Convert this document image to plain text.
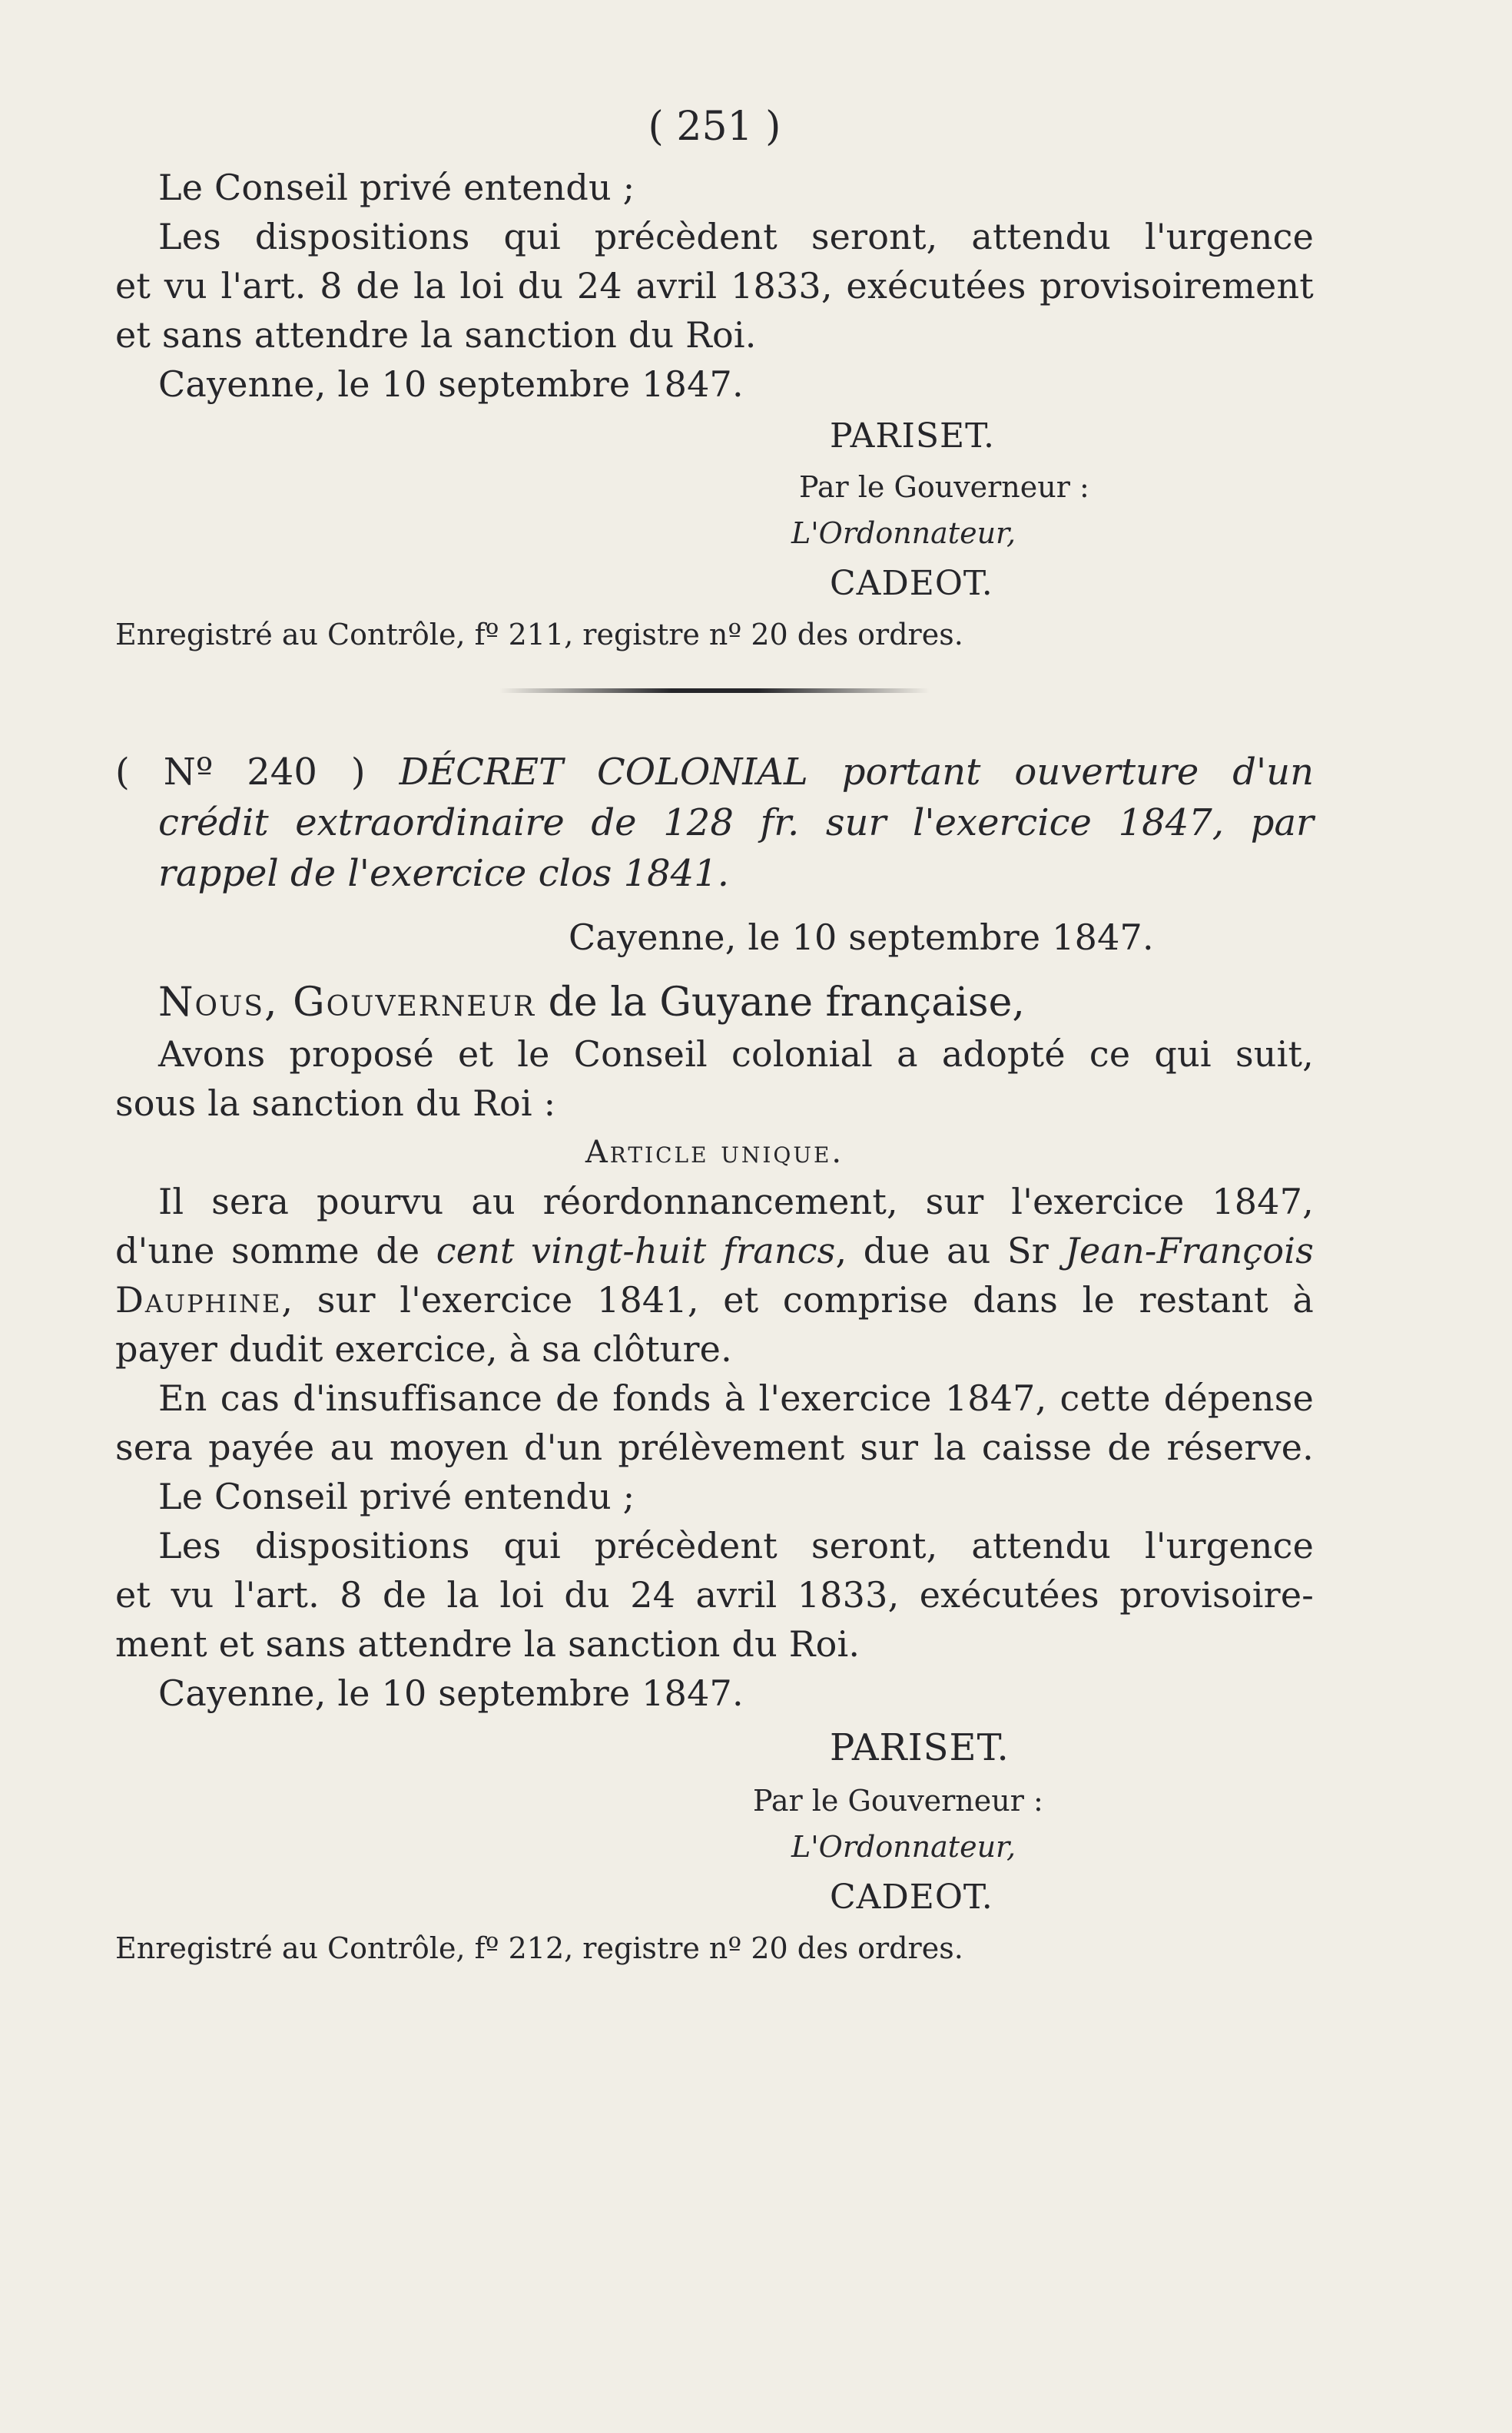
( 251 )
Le Conseil privé entendu ;
Les dispositions qui précèdent seront, attendu l'urgence
et vu l'art. 8 de la loi du 24 avril 1833, exécutées provisoirement
et sans attendre la sanction du Roi.
Cayenne, le 10 septembre 1847.
PARISET.
Par le Gouverneur :
L'Ordonnateur,
CADEOT.
Enregistré au Contrôle, fº 211, registre nº 20 des ordres.
( Nº 240 ) DÉCRET COLONIAL portant ouverture d'un
crédit extraordinaire de 128 fr. sur l'exercice 1847, par
rappel de l'exercice clos 1841.
Cayenne, le 10 septembre 1847.
Nous, Gouverneur de la Guyane française,
Avons proposé et le Conseil colonial a adopté ce qui suit,
sous la sanction du Roi :
Article unique.
Il sera pourvu au réordonnancement, sur l'exercice 1847,
d'une somme de cent vingt-huit francs, due au Sr Jean-François
Dauphine, sur l'exercice 1841, et comprise dans le restant à
payer dudit exercice, à sa clôture.
En cas d'insuffisance de fonds à l'exercice 1847, cette dépense
sera payée au moyen d'un prélèvement sur la caisse de réserve.
Le Conseil privé entendu ;
Les dispositions qui précèdent seront, attendu l'urgence
et vu l'art. 8 de la loi du 24 avril 1833, exécutées provisoire-
ment et sans attendre la sanction du Roi.
Cayenne, le 10 septembre 1847.
PARISET.
Par le Gouverneur :
L'Ordonnateur,
CADEOT.
Enregistré au Contrôle, fº 212, registre nº 20 des ordres.
